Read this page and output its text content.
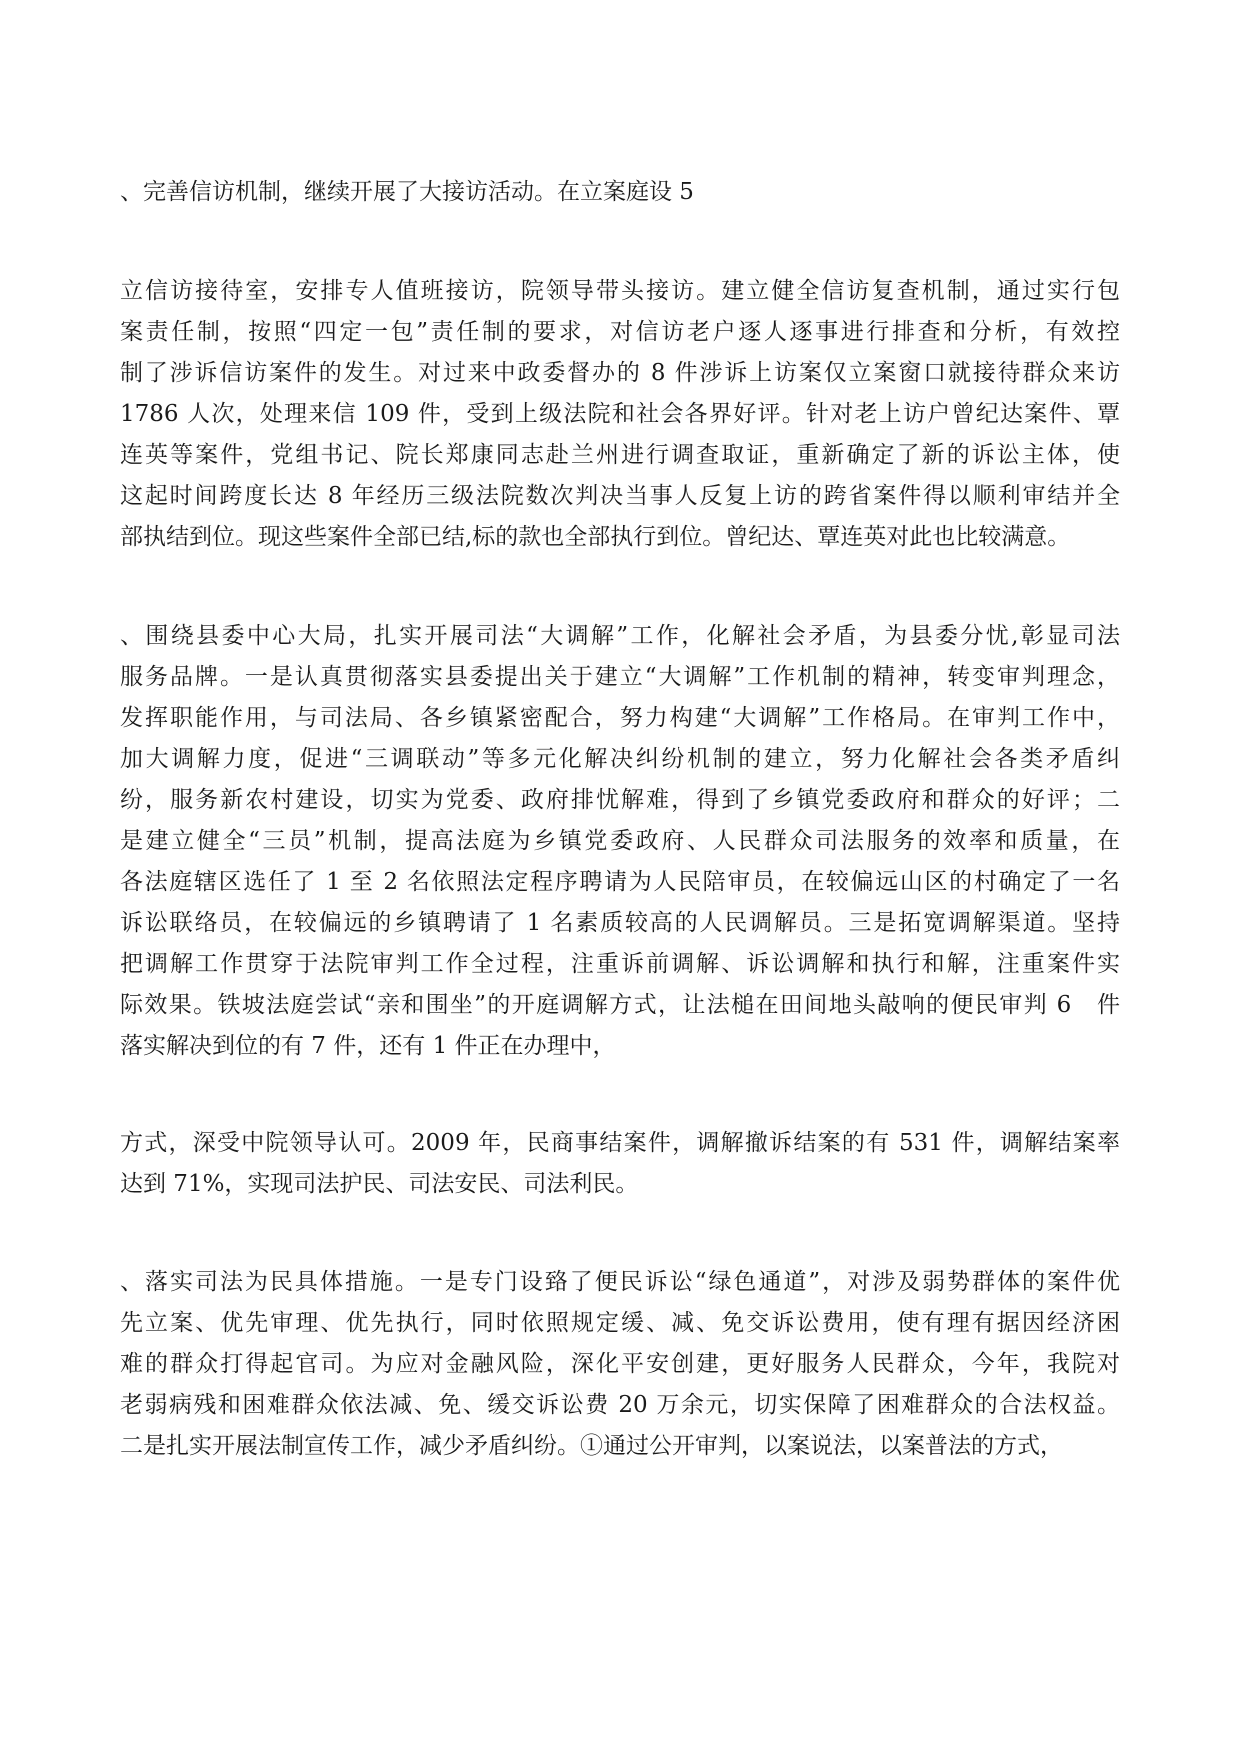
、完善信访机制，继续开展了大接访活动。在立案庭设 5

立信访接待室，安排专人值班接访，院领导带头接访。建立健全信访复查机制，通过实行包
案责任制，按照“四定一包”责任制的要求，对信访老户逐人逐事进行排查和分析，有效控
制了涉诉信访案件的发生。对过来中政委督办的 8 件涉诉上访案仅立案窗口就接待群众来访
1786 人次，处理来信 109 件，受到上级法院和社会各界好评。针对老上访户曾纪达案件、覃
连英等案件，党组书记、院长郑康同志赴兰州进行调查取证，重新确定了新的诉讼主体，使
这起时间跨度长达 8 年经历三级法院数次判决当事人反复上访的跨省案件得以顺利审结并全
部执结到位。现这些案件全部已结,标的款也全部执行到位。曾纪达、覃连英对此也比较满意。

、围绕县委中心大局，扎实开展司法“大调解”工作，化解社会矛盾，为县委分忧,彰显司法
服务品牌。一是认真贯彻落实县委提出关于建立“大调解”工作机制的精神，转变审判理念，
发挥职能作用，与司法局、各乡镇紧密配合，努力构建“大调解”工作格局。在审判工作中，
加大调解力度，促进“三调联动”等多元化解决纠纷机制的建立，努力化解社会各类矛盾纠
纷，服务新农村建设，切实为党委、政府排忧解难，得到了乡镇党委政府和群众的好评；二
是建立健全“三员”机制，提高法庭为乡镇党委政府、人民群众司法服务的效率和质量，在
各法庭辖区选任了 1 至 2 名依照法定程序聘请为人民陪审员，在较偏远山区的村确定了一名
诉讼联络员，在较偏远的乡镇聘请了 1 名素质较高的人民调解员。三是拓宽调解渠道。坚持
把调解工作贯穿于法院审判工作全过程，注重诉前调解、诉讼调解和执行和解，注重案件实
际效果。铁坡法庭尝试“亲和围坐”的开庭调解方式，让法槌在田间地头敲响的便民审判 6　件
落实解决到位的有 7 件，还有 1 件正在办理中，

方式，深受中院领导认可。2009 年，民商事结案件，调解撤诉结案的有 531 件，调解结案率
达到 71%，实现司法护民、司法安民、司法利民。

、落实司法为民具体措施。一是专门设臵了便民诉讼“绿色通道”，对涉及弱势群体的案件优
先立案、优先审理、优先执行，同时依照规定缓、减、免交诉讼费用，使有理有据因经济困
难的群众打得起官司。为应对金融风险，深化平安创建，更好服务人民群众，今年，我院对
老弱病残和困难群众依法减、免、缓交诉讼费 20 万余元，切实保障了困难群众的合法权益。
二是扎实开展法制宣传工作，减少矛盾纠纷。①通过公开审判，以案说法，以案普法的方式，
